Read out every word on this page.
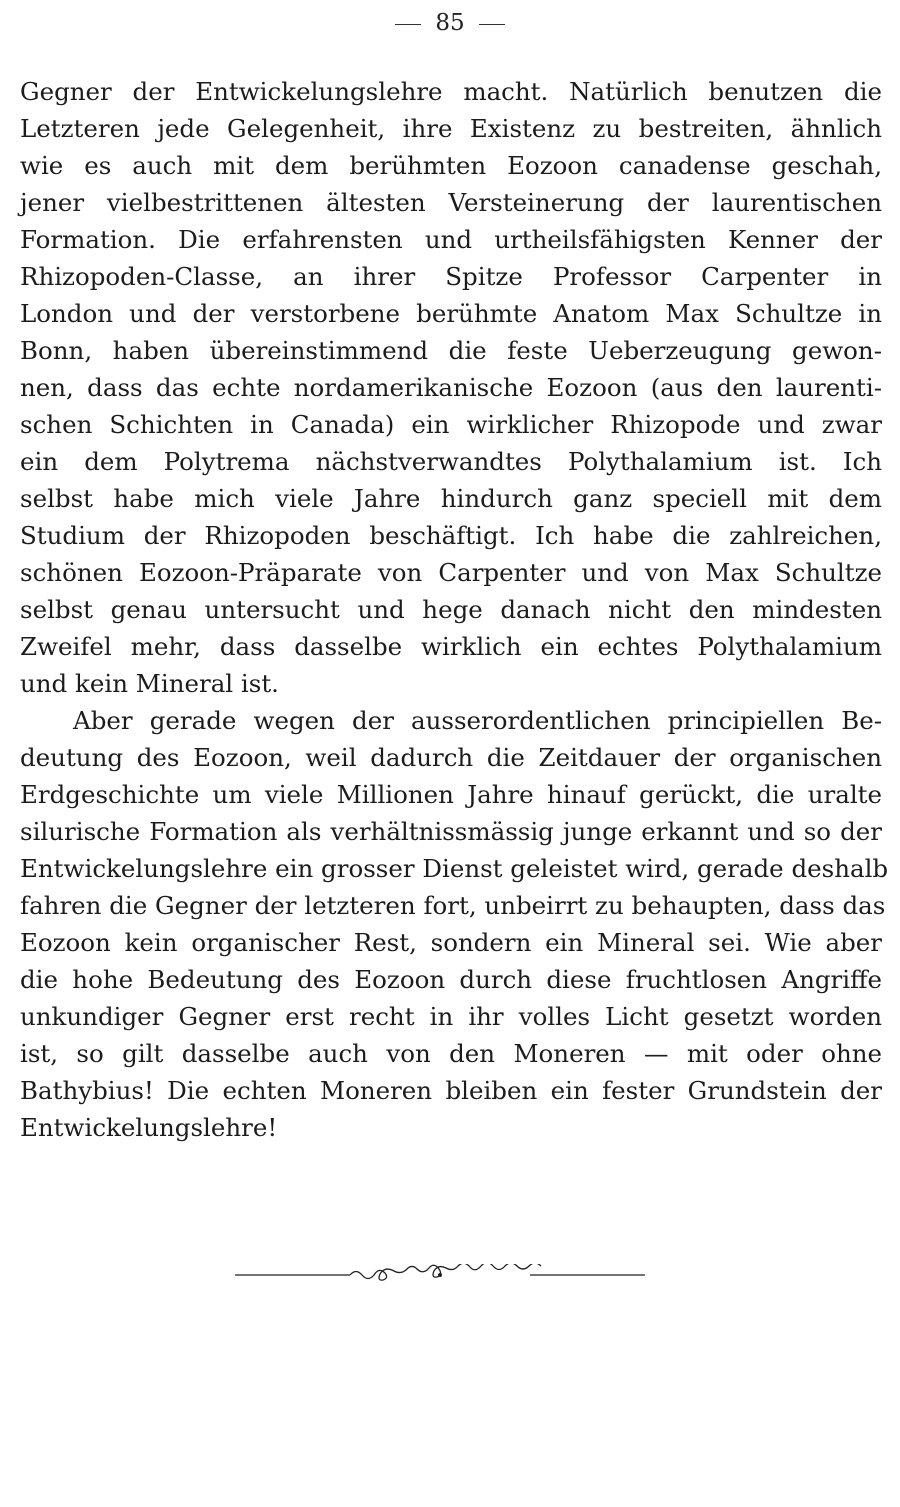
85
Gegner der Entwickelungslehre macht. Natürlich benutzen die
Letzteren jede Gelegenheit, ihre Existenz zu bestreiten, ähnlich
wie es auch mit dem berühmten Eozoon canadense geschah,
jener vielbestrittenen ältesten Versteinerung der laurentischen
Formation. Die erfahrensten und urtheilsfähigsten Kenner der
Rhizopoden-Classe, an ihrer Spitze Professor Carpenter in
London und der verstorbene berühmte Anatom Max Schultze in
Bonn, haben übereinstimmend die feste Ueberzeugung gewon-
nen, dass das echte nordamerikanische Eozoon (aus den laurenti-
schen Schichten in Canada) ein wirklicher Rhizopode und zwar
ein dem Polytrema nächstverwandtes Polythalamium ist. Ich
selbst habe mich viele Jahre hindurch ganz speciell mit dem
Studium der Rhizopoden beschäftigt. Ich habe die zahlreichen,
schönen Eozoon-Präparate von Carpenter und von Max Schultze
selbst genau untersucht und hege danach nicht den mindesten
Zweifel mehr, dass dasselbe wirklich ein echtes Polythalamium
und kein Mineral ist.
Aber gerade wegen der ausserordentlichen principiellen Be-
deutung des Eozoon, weil dadurch die Zeitdauer der organischen
Erdgeschichte um viele Millionen Jahre hinauf gerückt, die uralte
silurische Formation als verhältnissmässig junge erkannt und so der
Entwickelungslehre ein grosser Dienst geleistet wird, gerade deshalb
fahren die Gegner der letzteren fort, unbeirrt zu behaupten, dass das
Eozoon kein organischer Rest, sondern ein Mineral sei. Wie aber
die hohe Bedeutung des Eozoon durch diese fruchtlosen Angriffe
unkundiger Gegner erst recht in ihr volles Licht gesetzt worden
ist, so gilt dasselbe auch von den Moneren — mit oder ohne
Bathybius! Die echten Moneren bleiben ein fester Grundstein der
Entwickelungslehre!
